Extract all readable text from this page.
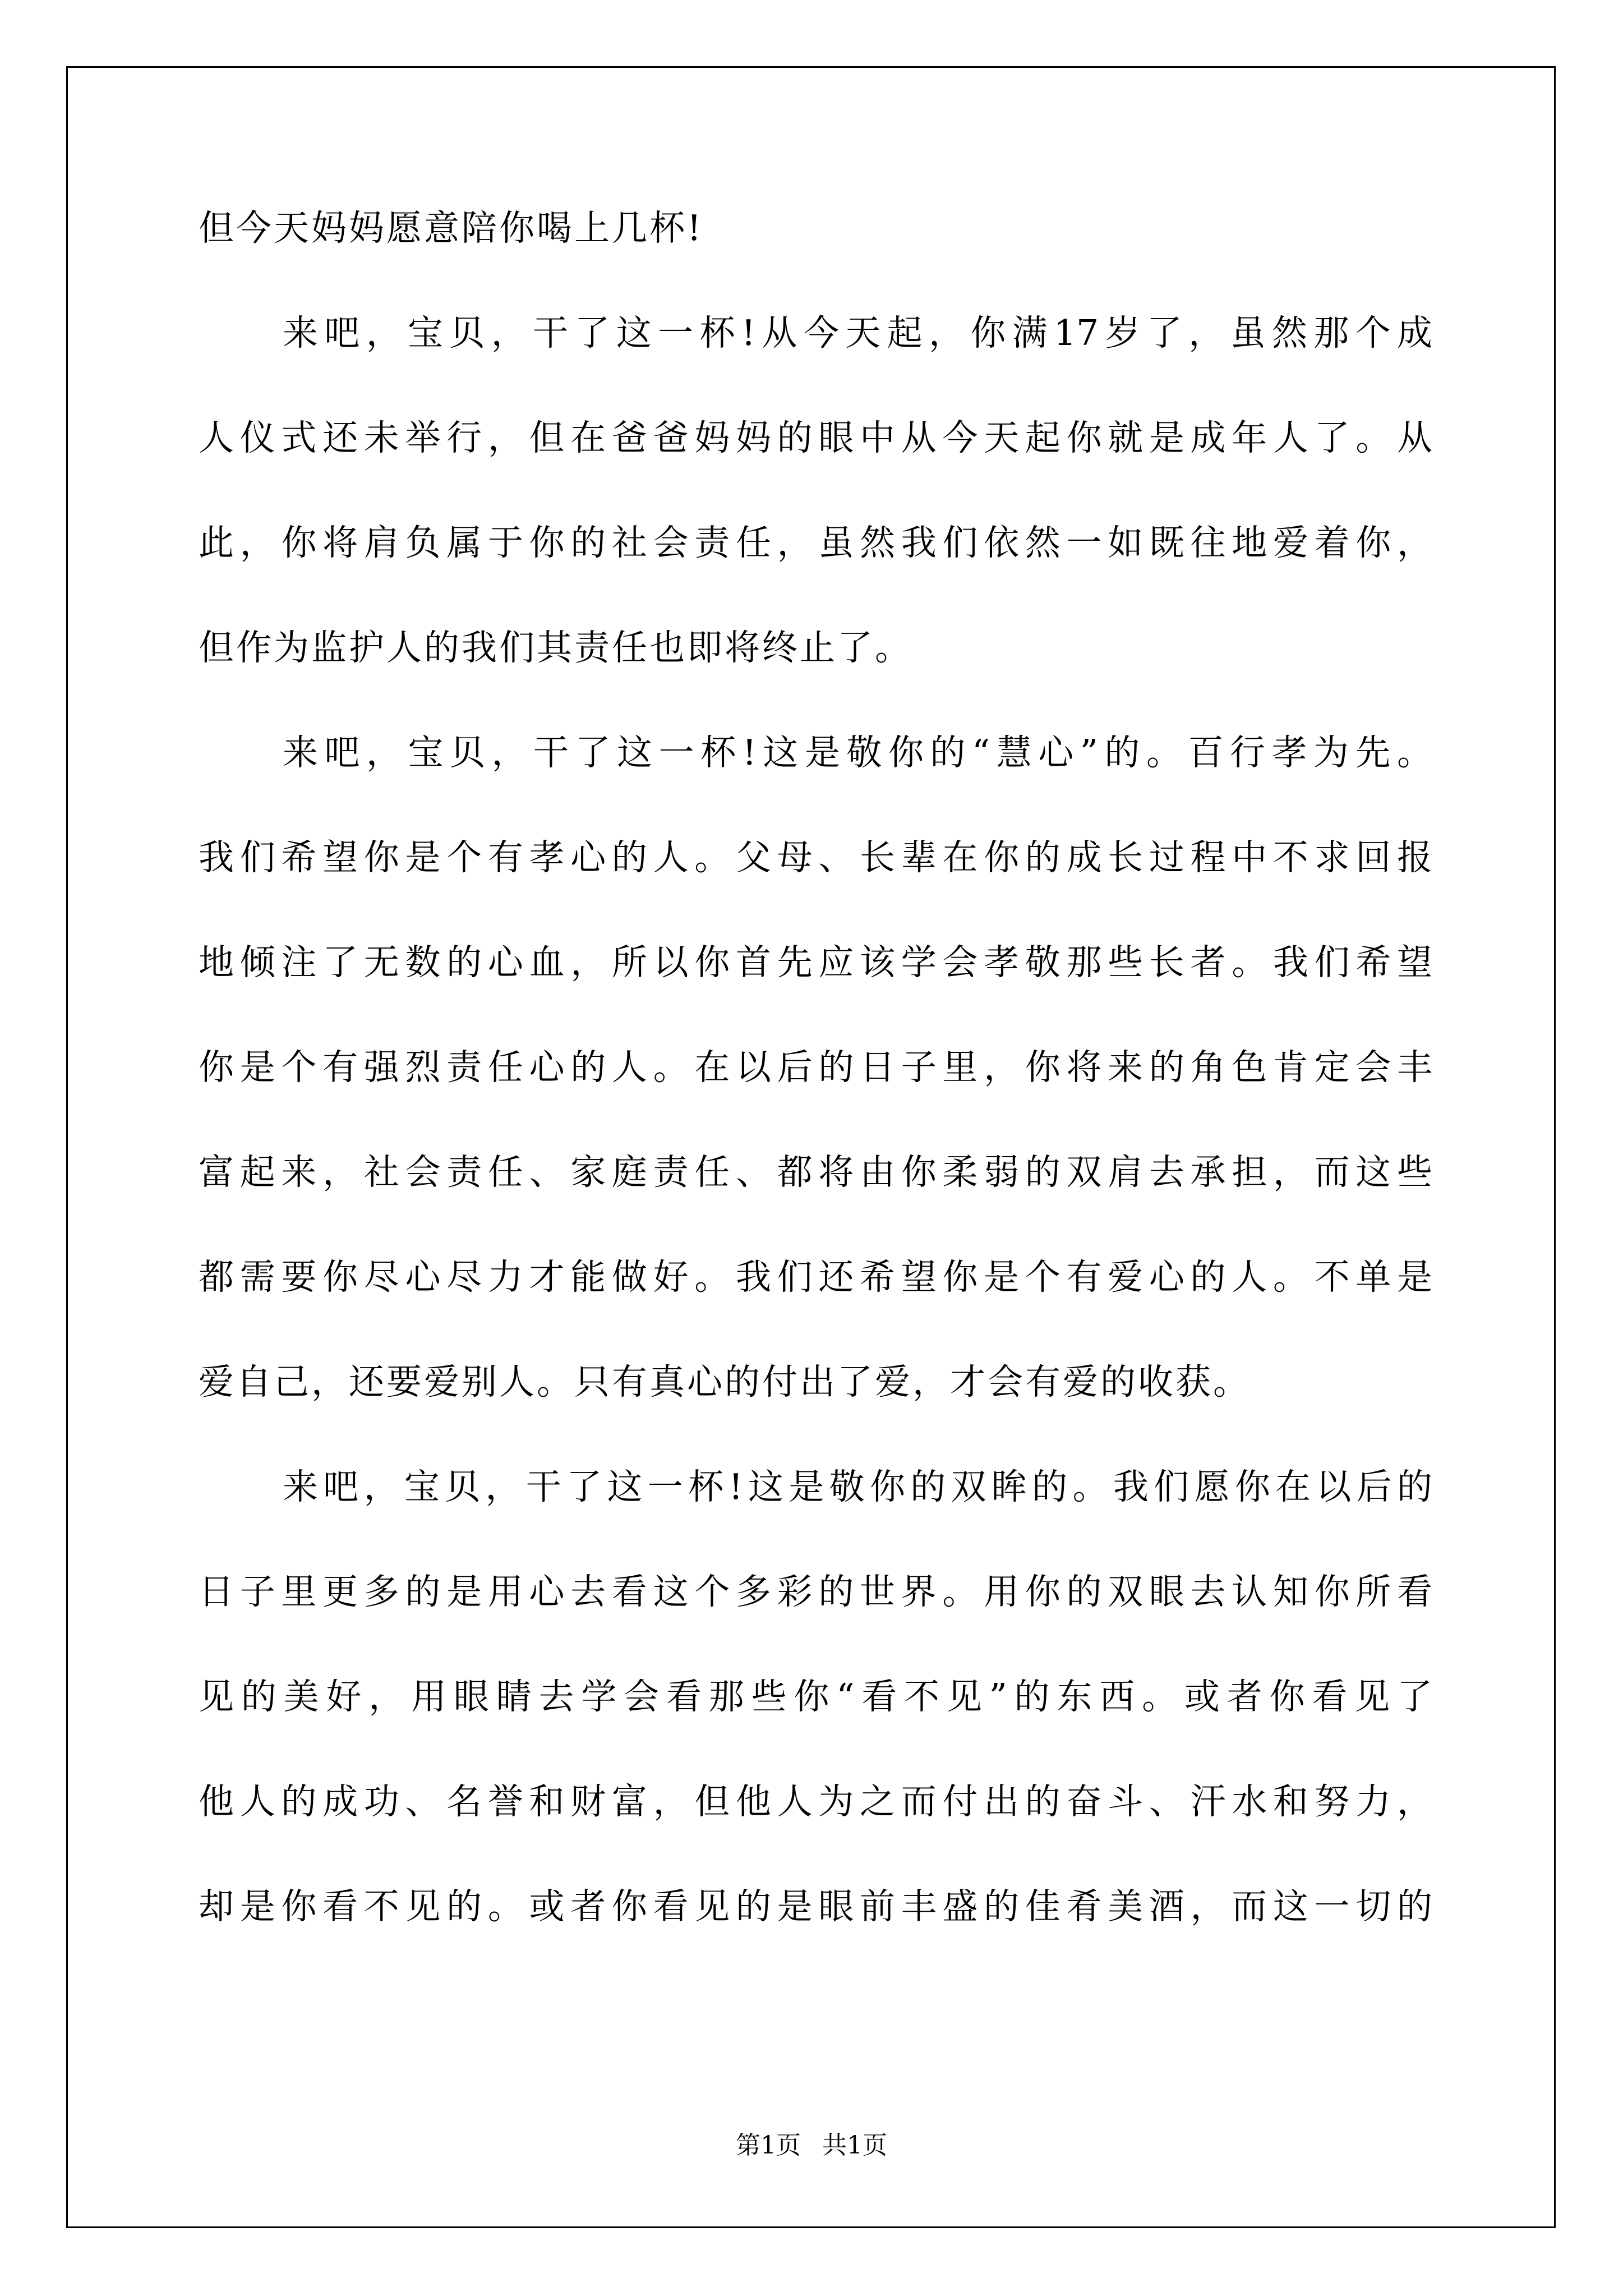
但今天妈妈愿意陪你喝上几杯!
来吧，宝贝，干了这一杯!从今天起，你满17岁了，虽然那个成
人仪式还未举行，但在爸爸妈妈的眼中从今天起你就是成年人了。从
此，你将肩负属于你的社会责任，虽然我们依然一如既往地爱着你，
但作为监护人的我们其责任也即将终止了。
来吧，宝贝，干了这一杯!这是敬你的“慧心”的。百行孝为先。
我们希望你是个有孝心的人。父母、长辈在你的成长过程中不求回报
地倾注了无数的心血，所以你首先应该学会孝敬那些长者。我们希望
你是个有强烈责任心的人。在以后的日子里，你将来的角色肯定会丰
富起来，社会责任、家庭责任、都将由你柔弱的双肩去承担，而这些
都需要你尽心尽力才能做好。我们还希望你是个有爱心的人。不单是
爱自己，还要爱别人。只有真心的付出了爱，才会有爱的收获。
来吧，宝贝，干了这一杯!这是敬你的双眸的。我们愿你在以后的
日子里更多的是用心去看这个多彩的世界。用你的双眼去认知你所看
见的美好，用眼睛去学会看那些你“看不见”的东西。或者你看见了
他人的成功、名誉和财富，但他人为之而付出的奋斗、汗水和努力，
却是你看不见的。或者你看见的是眼前丰盛的佳肴美酒，而这一切的
第1页 共1页
